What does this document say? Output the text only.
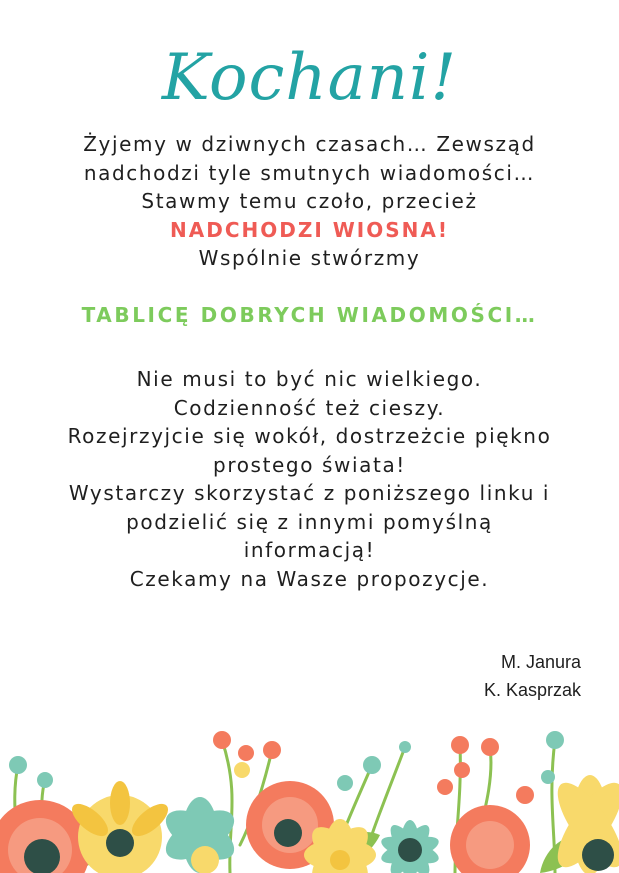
Kochani!
Żyjemy w dziwnych czasach… Zewsząd
nadchodzi tyle smutnych wiadomości…
Stawmy temu czoło, przecież
NADCHODZI WIOSNA!
Wspólnie stwórzmy
TABLICĘ DOBRYCH WIADOMOŚCI…
Nie musi to być nic wielkiego.
Codzienność też cieszy.
Rozejrzyjcie się wokół, dostrzeżcie piękno
prostego świata!
Wystarczy skorzystać z poniższego linku i
podzielić się z innymi pomyślną
informacją!
Czekamy na Wasze propozycje.
M. Janura
K. Kasprzak
